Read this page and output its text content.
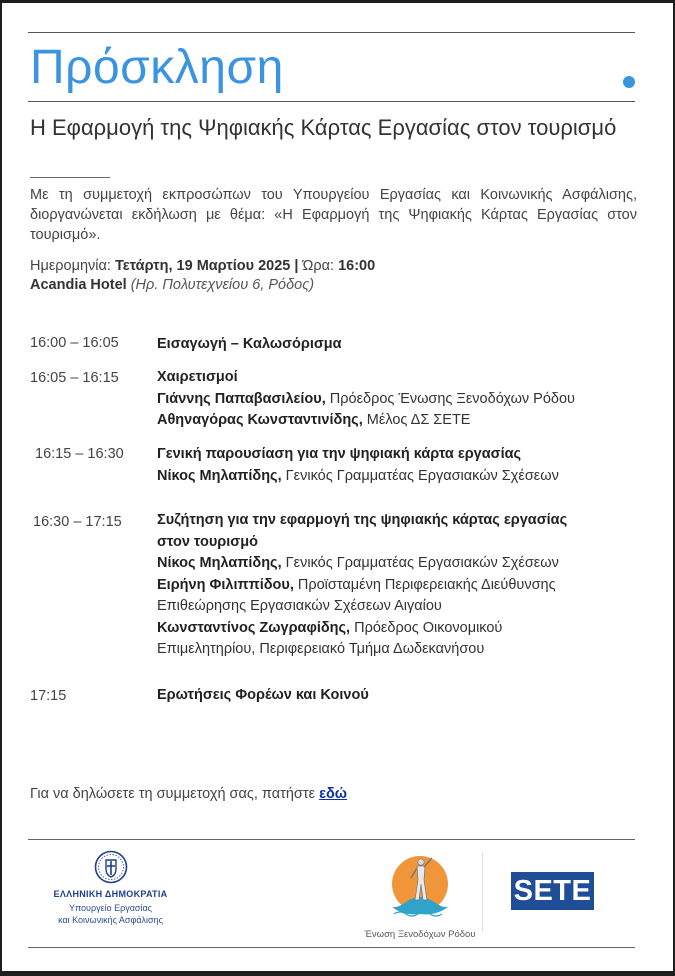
Πρόσκληση
Η Εφαρμογή της Ψηφιακής Κάρτας Εργασίας στον τουρισμό
Με τη συμμετοχή εκπροσώπων του Υπουργείου Εργασίας και Κοινωνικής Ασφάλισης, διοργανώνεται εκδήλωση με θέμα: «Η Εφαρμογή της Ψηφιακής Κάρτας Εργασίας στον τουρισμό».
Ημερομηνία: Τετάρτη, 19 Μαρτίου 2025 | Ώρα: 16:00
Acandia Hotel (Ηρ. Πολυτεχνείου 6, Ρόδος)
16:00 – 16:05	Εισαγωγή – Καλωσόρισμα
16:05 – 16:15	Χαιρετισμοί
Γιάννης Παπαβασιλείου, Πρόεδρος Ένωσης Ξενοδόχων Ρόδου
Αθηναγόρας Κωνσταντινίδης, Μέλος ΔΣ ΣΕΤΕ
16:15 – 16:30 Γενική παρουσίαση για την ψηφιακή κάρτα εργασίας
Νίκος Μηλαπίδης, Γενικός Γραμματέας Εργασιακών Σχέσεων
16:30 – 17:15 Συζήτηση για την εφαρμογή της ψηφιακής κάρτας εργασίας
στον τουρισμό
Νίκος Μηλαπίδης, Γενικός Γραμματέας Εργασιακών Σχέσεων
Ειρήνη Φιλιππίδου, Προϊσταμένη Περιφερειακής Διεύθυνσης
Επιθεώρησης Εργασιακών Σχέσεων Αιγαίου
Κωνσταντίνος Ζωγραφίδης, Πρόεδρος Οικονομικού
Επιμελητηρίου, Περιφερειακό Τμήμα Δωδεκανήσου
17:15	Ερωτήσεις Φορέων και Κοινού
Για να δηλώσετε τη συμμετοχή σας, πατήστε εδώ
ΕΛΛΗΝΙΚΗ ΔΗΜΟΚΡΑΤΙΑ
Υπουργείο Εργασίας
και Κοινωνικής Ασφάλισης
Ένωση Ξενοδόχων Ρόδου
SETE
